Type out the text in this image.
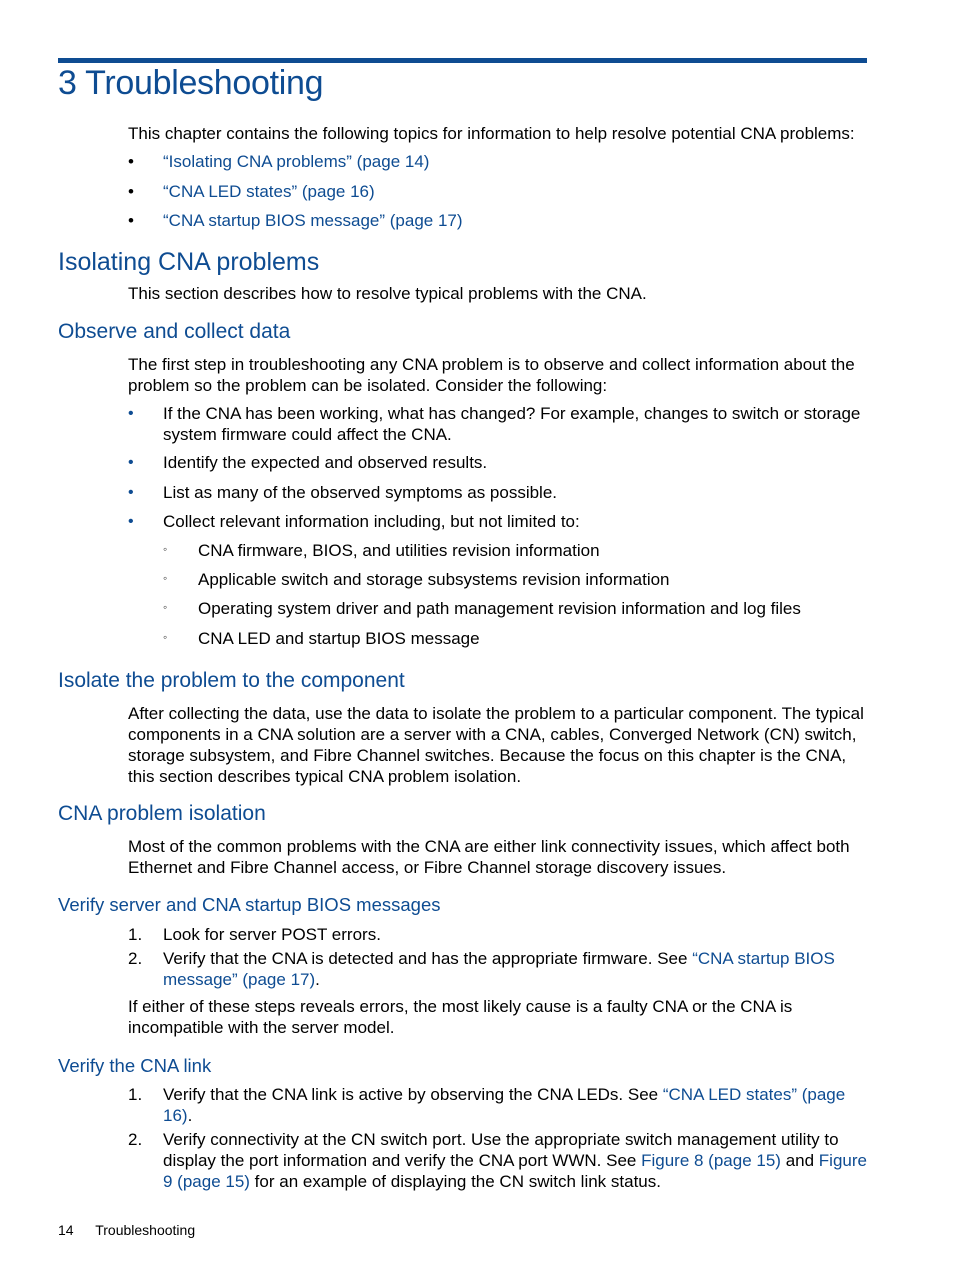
3 Troubleshooting

This chapter contains the following topics for information to help resolve potential CNA problems:

•	“Isolating CNA problems” (page 14)
•	“CNA LED states” (page 16)
•	“CNA startup BIOS message” (page 17)
Isolating CNA problems

This section describes how to resolve typical problems with the CNA.

Observe and collect data

The first step in troubleshooting any CNA problem is to observe and collect information about the problem so the problem can be isolated. Consider the following:

•	If the CNA has been working, what has changed? For example, changes to switch or storage system firmware could affect the CNA.
•	Identify the expected and observed results.
•	List as many of the observed symptoms as possible.
•	Collect relevant information including, but not limited to:
◦ CNA firmware, BIOS, and utilities revision information
◦ Applicable switch and storage subsystems revision information
◦ Operating system driver and path management revision information and log files
◦ CNA LED and startup BIOS message
Isolate the problem to the component

After collecting the data, use the data to isolate the problem to a particular component. The typical components in a CNA solution are a server with a CNA, cables, Converged Network (CN) switch, storage subsystem, and Fibre Channel switches. Because the focus on this chapter is the CNA, this section describes typical CNA problem isolation.

CNA problem isolation

Most of the common problems with the CNA are either link connectivity issues, which affect both Ethernet and Fibre Channel access, or Fibre Channel storage discovery issues.

Verify server and CNA startup BIOS messages
1.	Look for server POST errors.
2.	Verify that the CNA is detected and has the appropriate firmware. See “CNA startup BIOS message” (page 17).

If either of these steps reveals errors, the most likely cause is a faulty CNA or the CNA is incompatible with the server model.

Verify the CNA link
1.	Verify that the CNA link is active by observing the CNA LEDs. See “CNA LED states” (page 16).
2.	Verify connectivity at the CN switch port. Use the appropriate switch management utility to display the port information and verify the CNA port WWN. See Figure 8 (page 15) and Figure 9 (page 15) for an example of displaying the CN switch link status.
14 Troubleshooting
